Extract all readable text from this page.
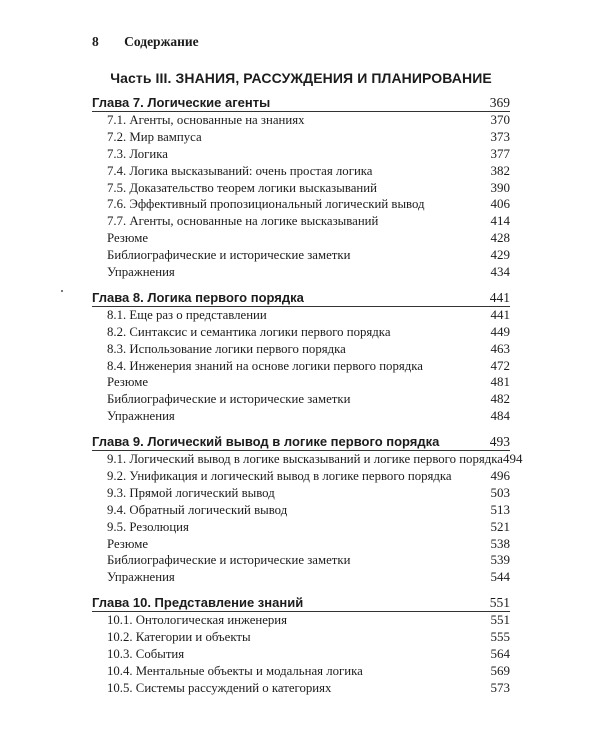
8 Содержание
Часть III. ЗНАНИЯ, РАССУЖДЕНИЯ И ПЛАНИРОВАНИЕ
Глава 7. Логические агенты	369
7.1. Агенты, основанные на знаниях	370
7.2. Мир вампуса	373
7.3. Логика	377
7.4. Логика высказываний: очень простая логика	382
7.5. Доказательство теорем логики высказываний	390
7.6. Эффективный пропозициональный логический вывод	406
7.7. Агенты, основанные на логике высказываний	414
Резюме	428
Библиографические и исторические заметки	429
Упражнения	434
Глава 8. Логика первого порядка	441
8.1. Еще раз о представлении	441
8.2. Синтаксис и семантика логики первого порядка	449
8.3. Использование логики первого порядка	463
8.4. Инженерия знаний на основе логики первого порядка	472
Резюме	481
Библиографические и исторические заметки	482
Упражнения	484
Глава 9. Логический вывод в логике первого порядка	493
9.1. Логический вывод в логике высказываний и логике первого порядка 494
9.2. Унификация и логический вывод в логике первого порядка	496
9.3. Прямой логический вывод	503
9.4. Обратный логический вывод	513
9.5. Резолюция	521
Резюме	538
Библиографические и исторические заметки	539
Упражнения	544
Глава 10. Представление знаний	551
10.1. Онтологическая инженерия	551
10.2. Категории и объекты	555
10.3. События	564
10.4. Ментальные объекты и модальная логика	569
10.5. Системы рассуждений о категориях	573
